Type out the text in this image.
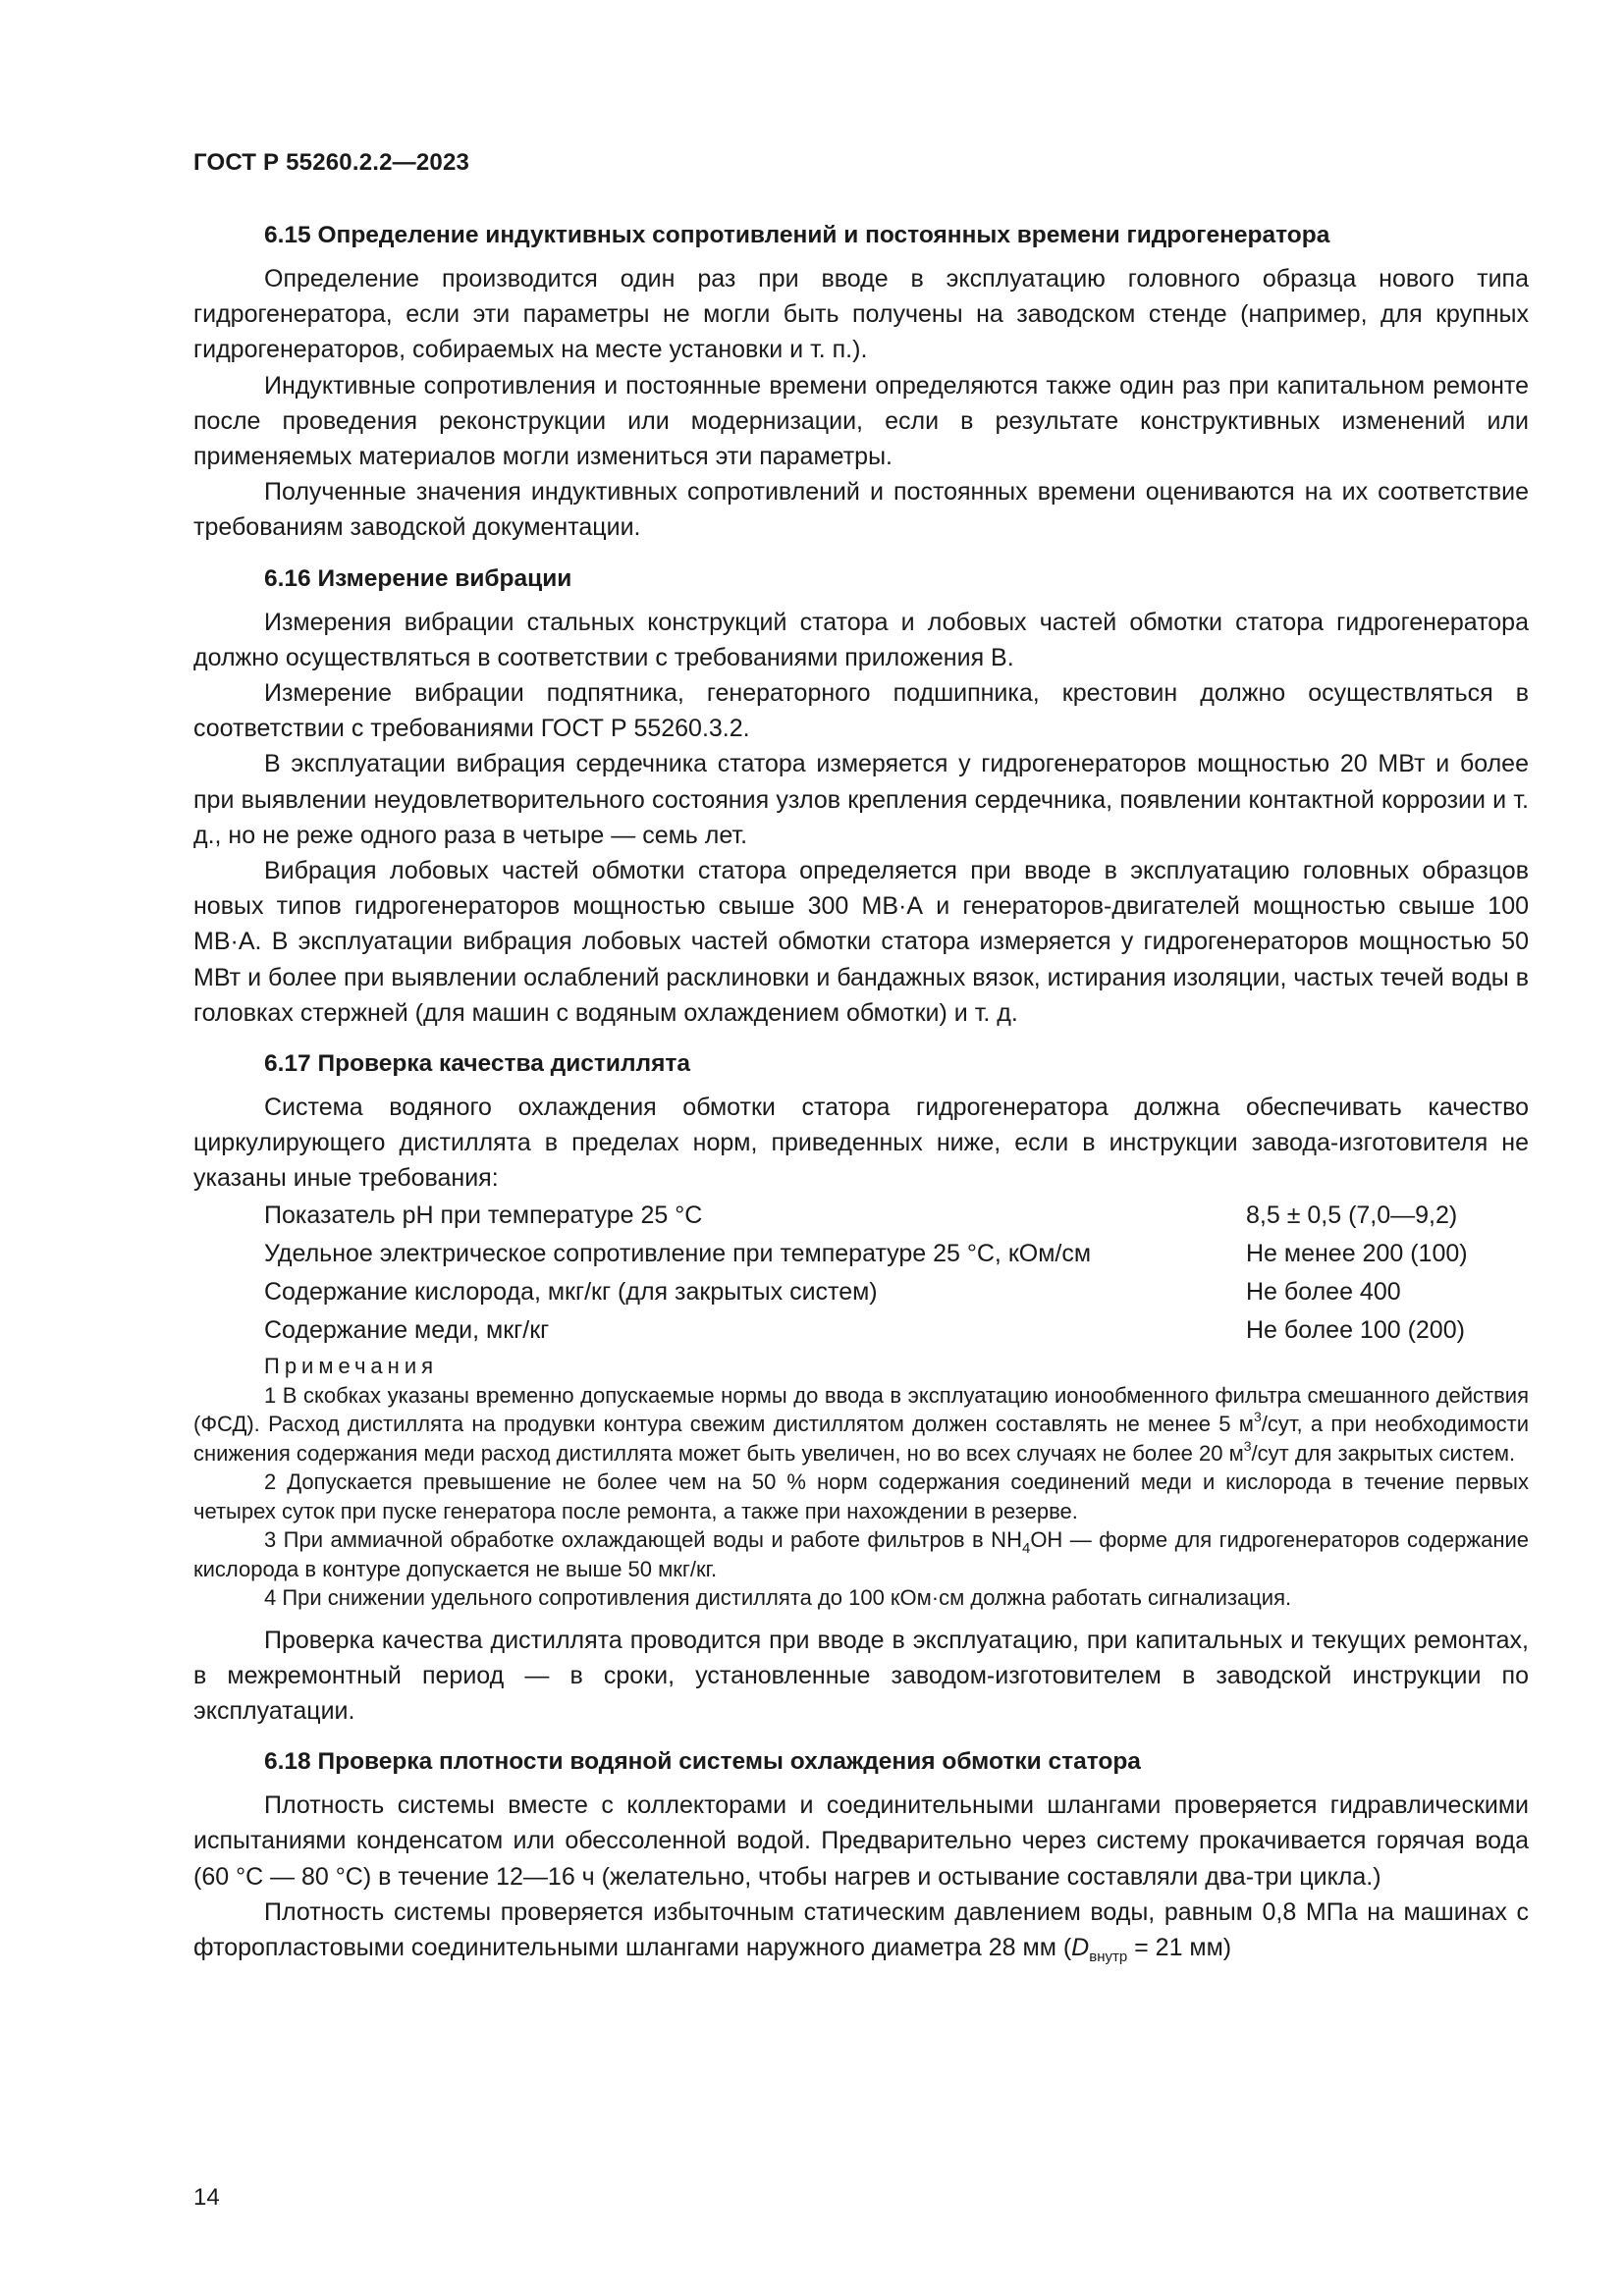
ГОСТ Р 55260.2.2—2023
6.15 Определение индуктивных сопротивлений и постоянных времени гидрогенератора

Определение производится один раз при вводе в эксплуатацию головного образца нового типа гидрогенератора, если эти параметры не могли быть получены на заводском стенде (например, для крупных гидрогенераторов, собираемых на месте установки и т. п.).

Индуктивные сопротивления и постоянные времени определяются также один раз при капитальном ремонте после проведения реконструкции или модернизации, если в результате конструктивных изменений или применяемых материалов могли измениться эти параметры.

Полученные значения индуктивных сопротивлений и постоянных времени оцениваются на их соответствие требованиям заводской документации.

6.16 Измерение вибрации

Измерения вибрации стальных конструкций статора и лобовых частей обмотки статора гидрогенератора должно осуществляться в соответствии с требованиями приложения В.

Измерение вибрации подпятника, генераторного подшипника, крестовин должно осуществляться в соответствии с требованиями ГОСТ Р 55260.3.2.

В эксплуатации вибрация сердечника статора измеряется у гидрогенераторов мощностью 20 МВт и более при выявлении неудовлетворительного состояния узлов крепления сердечника, появлении контактной коррозии и т. д., но не реже одного раза в четыре — семь лет.

Вибрация лобовых частей обмотки статора определяется при вводе в эксплуатацию головных образцов новых типов гидрогенераторов мощностью свыше 300 МВ·А и генераторов-двигателей мощностью свыше 100 МВ·А. В эксплуатации вибрация лобовых частей обмотки статора измеряется у гидрогенераторов мощностью 50 МВт и более при выявлении ослаблений расклиновки и бандажных вязок, истирания изоляции, частых течей воды в головках стержней (для машин с водяным охлаждением обмотки) и т. д.

6.17 Проверка качества дистиллята

Система водяного охлаждения обмотки статора гидрогенератора должна обеспечивать качество циркулирующего дистиллята в пределах норм, приведенных ниже, если в инструкции завода-изготовителя не указаны иные требования:

Показатель pH при температуре 25 °С	8,5 ± 0,5 (7,0—9,2)
Удельное электрическое сопротивление при температуре 25 °С, кОм/см	Не менее 200 (100)
Содержание кислорода, мкг/кг (для закрытых систем)	Не более 400
Содержание меди, мкг/кг	Не более 100 (200)
Примечания

1 В скобках указаны временно допускаемые нормы до ввода в эксплуатацию ионообменного фильтра смешанного действия (ФСД). Расход дистиллята на продувки контура свежим дистиллятом должен составлять не менее 5 $м^3$/сут, а при необходимости снижения содержания меди расход дистиллята может быть увеличен, но во всех случаях не более 20 $м^3$/сут для закрытых систем.

2 Допускается превышение не более чем на 50 % норм содержания соединений меди и кислорода в течение первых четырех суток при пуске генератора после ремонта, а также при нахождении в резерве.

3 При аммиачной обработке охлаждающей воды и работе фильтров в $NH_4OH$ — форме для гидрогенераторов содержание кислорода в контуре допускается не выше 50 мкг/кг.

4 При снижении удельного сопротивления дистиллята до 100 кОм·см должна работать сигнализация.

Проверка качества дистиллята проводится при вводе в эксплуатацию, при капитальных и текущих ремонтах, в межремонтный период — в сроки, установленные заводом-изготовителем в заводской инструкции по эксплуатации.

6.18 Проверка плотности водяной системы охлаждения обмотки статора

Плотность системы вместе с коллекторами и соединительными шлангами проверяется гидравлическими испытаниями конденсатом или обессоленной водой. Предварительно через систему прокачивается горячая вода (60 °С — 80 °С) в течение 12—16 ч (желательно, чтобы нагрев и остывание составляли два-три цикла.)

Плотность системы проверяется избыточным статическим давлением воды, равным 0,8 МПа на машинах с фторопластовыми соединительными шлангами наружного диаметра 28 мм ($D_{внутр} = 21$ мм)

14
